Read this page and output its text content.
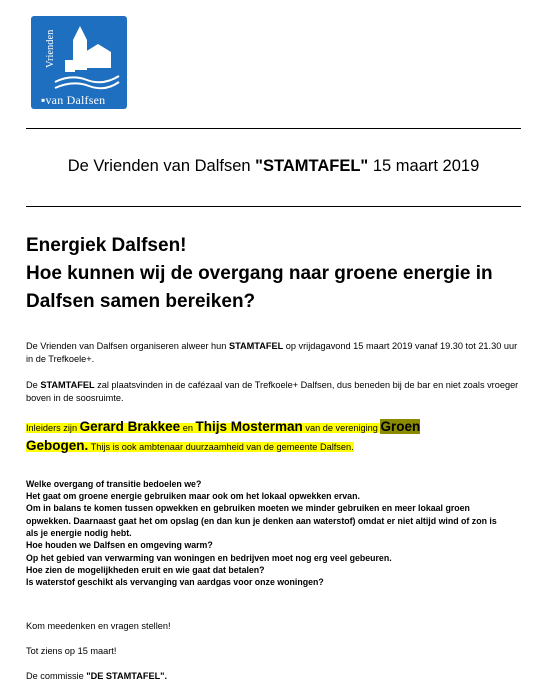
Vrienden
▪van Dalfsen
De Vrienden van Dalfsen "STAMTAFEL" 15 maart 2019
Energiek Dalfsen!
Hoe kunnen wij de overgang naar groene energie in
Dalfsen samen bereiken?
De Vrienden van Dalfsen organiseren alweer hun STAMTAFEL op vrijdagavond 15 maart 2019 vanaf 19.30 tot 21.30 uur
in de Trefkoele+.
De STAMTAFEL zal plaatsvinden in de cafézaal van de Trefkoele+ Dalfsen, dus beneden bij de bar en niet zoals vroeger
boven in de soosruimte.
Inleiders zijn Gerard Brakkee en Thijs Mosterman van de vereniging Groen
Gebogen. Thijs is ook ambtenaar duurzaamheid van de gemeente Dalfsen.
Welke overgang of transitie bedoelen we?
Het gaat om groene energie gebruiken maar ook om het lokaal opwekken ervan.
Om in balans te komen tussen opwekken en gebruiken moeten we minder gebruiken en meer lokaal groen
opwekken. Daarnaast gaat het om opslag (en dan kun je denken aan waterstof) omdat er niet altijd wind of zon is
als je energie nodig hebt.
Hoe houden we Dalfsen en omgeving warm?
Op het gebied van verwarming van woningen en bedrijven moet nog erg veel gebeuren.
Hoe zien de mogelijkheden eruit en wie gaat dat betalen?
Is waterstof geschikt als vervanging van aardgas voor onze woningen?
Kom meedenken en vragen stellen!
Tot ziens op 15 maart!
De commissie "DE STAMTAFEL".
